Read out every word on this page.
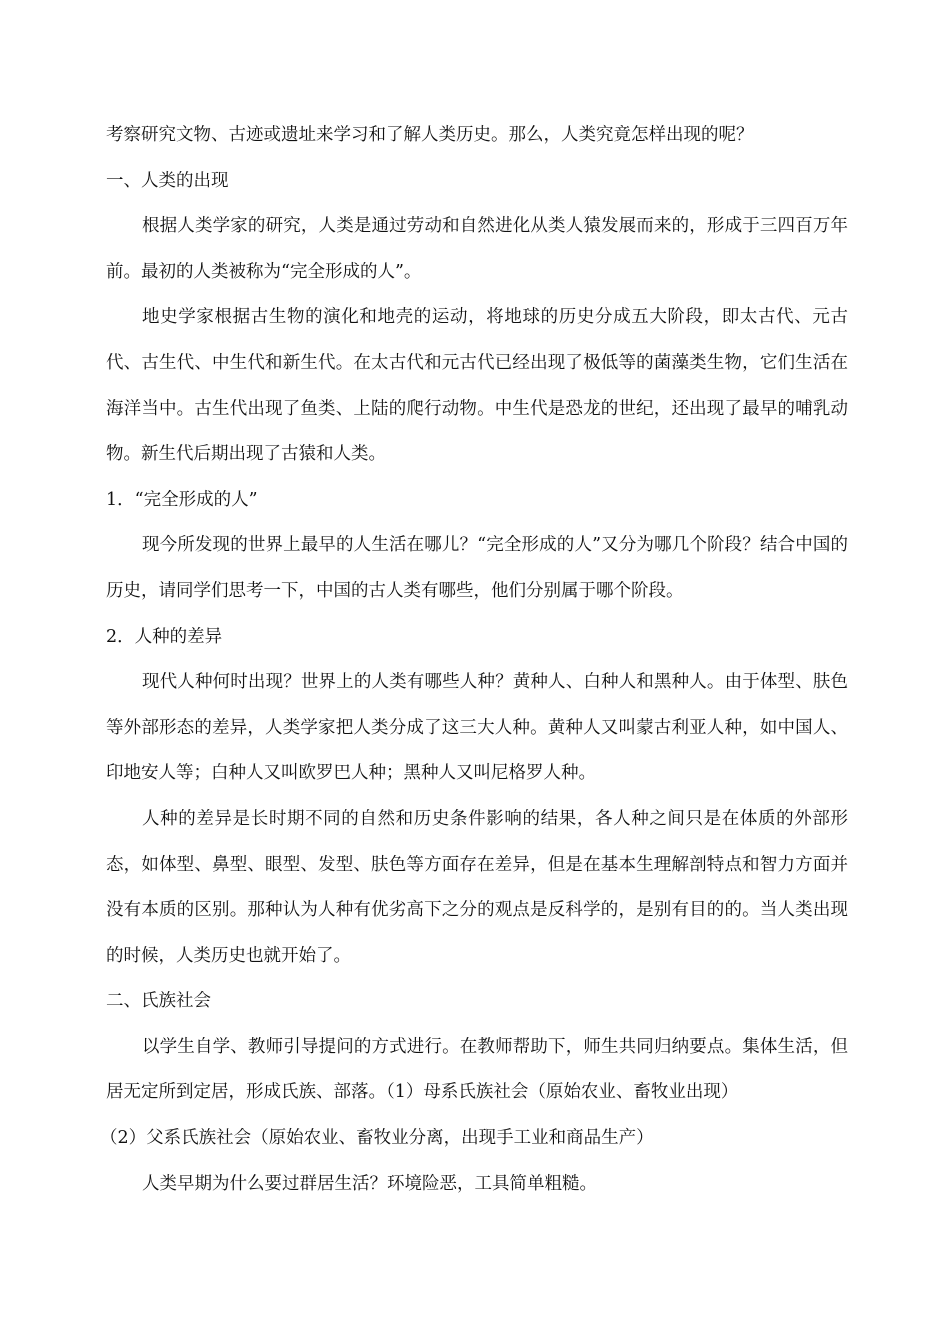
考察研究文物、古迹或遗址来学习和了解人类历史。那么，人类究竟怎样出现的呢？

一、人类的出现

根据人类学家的研究，人类是通过劳动和自然进化从类人猿发展而来的，形成于三四百万年前。最初的人类被称为“完全形成的人”。

地史学家根据古生物的演化和地壳的运动，将地球的历史分成五大阶段，即太古代、元古代、古生代、中生代和新生代。在太古代和元古代已经出现了极低等的菌藻类生物，它们生活在海洋当中。古生代出现了鱼类、上陆的爬行动物。中生代是恐龙的世纪，还出现了最早的哺乳动物。新生代后期出现了古猿和人类。

1．“完全形成的人”

现今所发现的世界上最早的人生活在哪儿？“完全形成的人”又分为哪几个阶段？结合中国的历史，请同学们思考一下，中国的古人类有哪些，他们分别属于哪个阶段。

2．人种的差异

现代人种何时出现？世界上的人类有哪些人种？黄种人、白种人和黑种人。由于体型、肤色等外部形态的差异，人类学家把人类分成了这三大人种。黄种人又叫蒙古利亚人种，如中国人、印地安人等；白种人又叫欧罗巴人种；黑种人又叫尼格罗人种。

人种的差异是长时期不同的自然和历史条件影响的结果，各人种之间只是在体质的外部形态，如体型、鼻型、眼型、发型、肤色等方面存在差异，但是在基本生理解剖特点和智力方面并没有本质的区别。那种认为人种有优劣高下之分的观点是反科学的，是别有目的的。当人类出现的时候，人类历史也就开始了。

二、氏族社会

以学生自学、教师引导提问的方式进行。在教师帮助下，师生共同归纳要点。集体生活，但居无定所到定居，形成氏族、部落。（1）母系氏族社会（原始农业、畜牧业出现）

（2）父系氏族社会（原始农业、畜牧业分离，出现手工业和商品生产）

人类早期为什么要过群居生活？环境险恶，工具简单粗糙。
